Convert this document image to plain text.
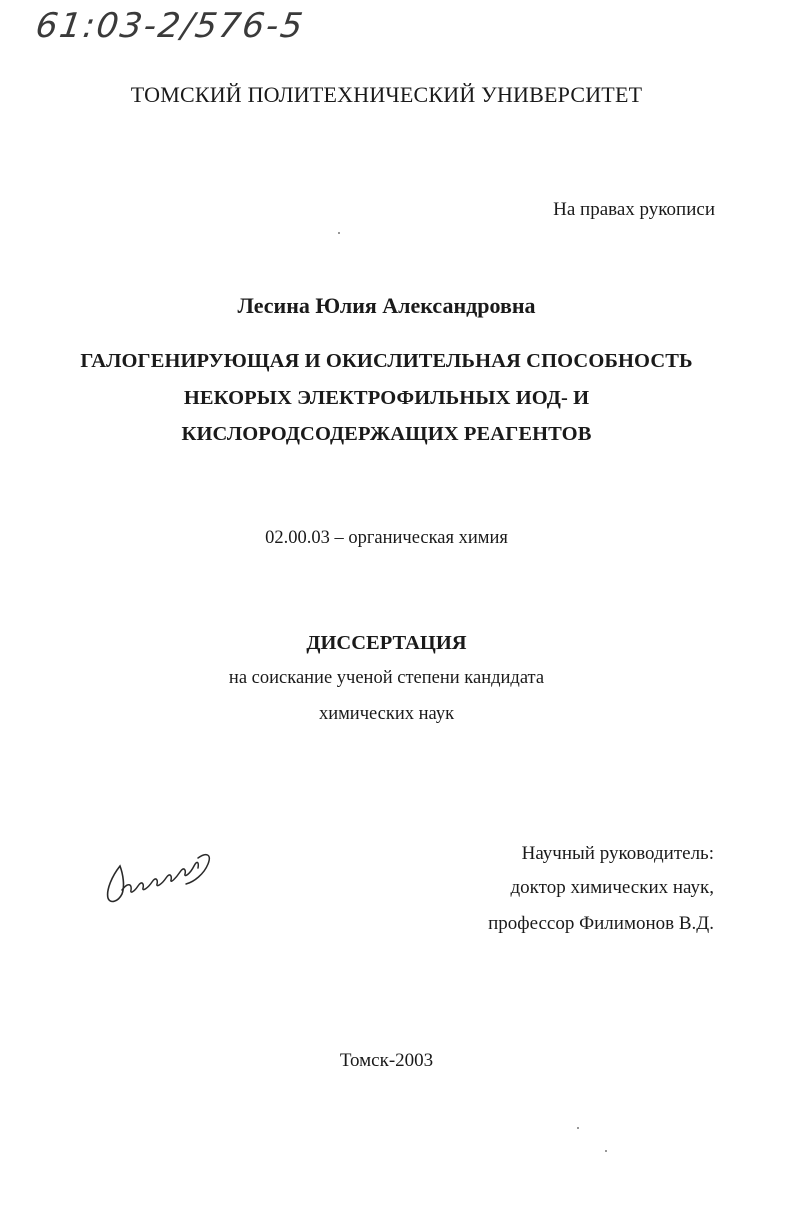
61:03-2/576-5
ТОМСКИЙ ПОЛИТЕХНИЧЕСКИЙ УНИВЕРСИТЕТ
На правах рукописи
Лесина Юлия Александровна
ГАЛОГЕНИРУЮЩАЯ И ОКИСЛИТЕЛЬНАЯ СПОСОБНОСТЬ
НЕКОРЫХ ЭЛЕКТРОФИЛЬНЫХ ИОД- И
КИСЛОРОДСОДЕРЖАЩИХ РЕАГЕНТОВ
02.00.03 – органическая химия
ДИССЕРТАЦИЯ
на соискание ученой степени кандидата
химических наук
Научный руководитель:
доктор химических наук,
профессор Филимонов В.Д.
Томск-2003
